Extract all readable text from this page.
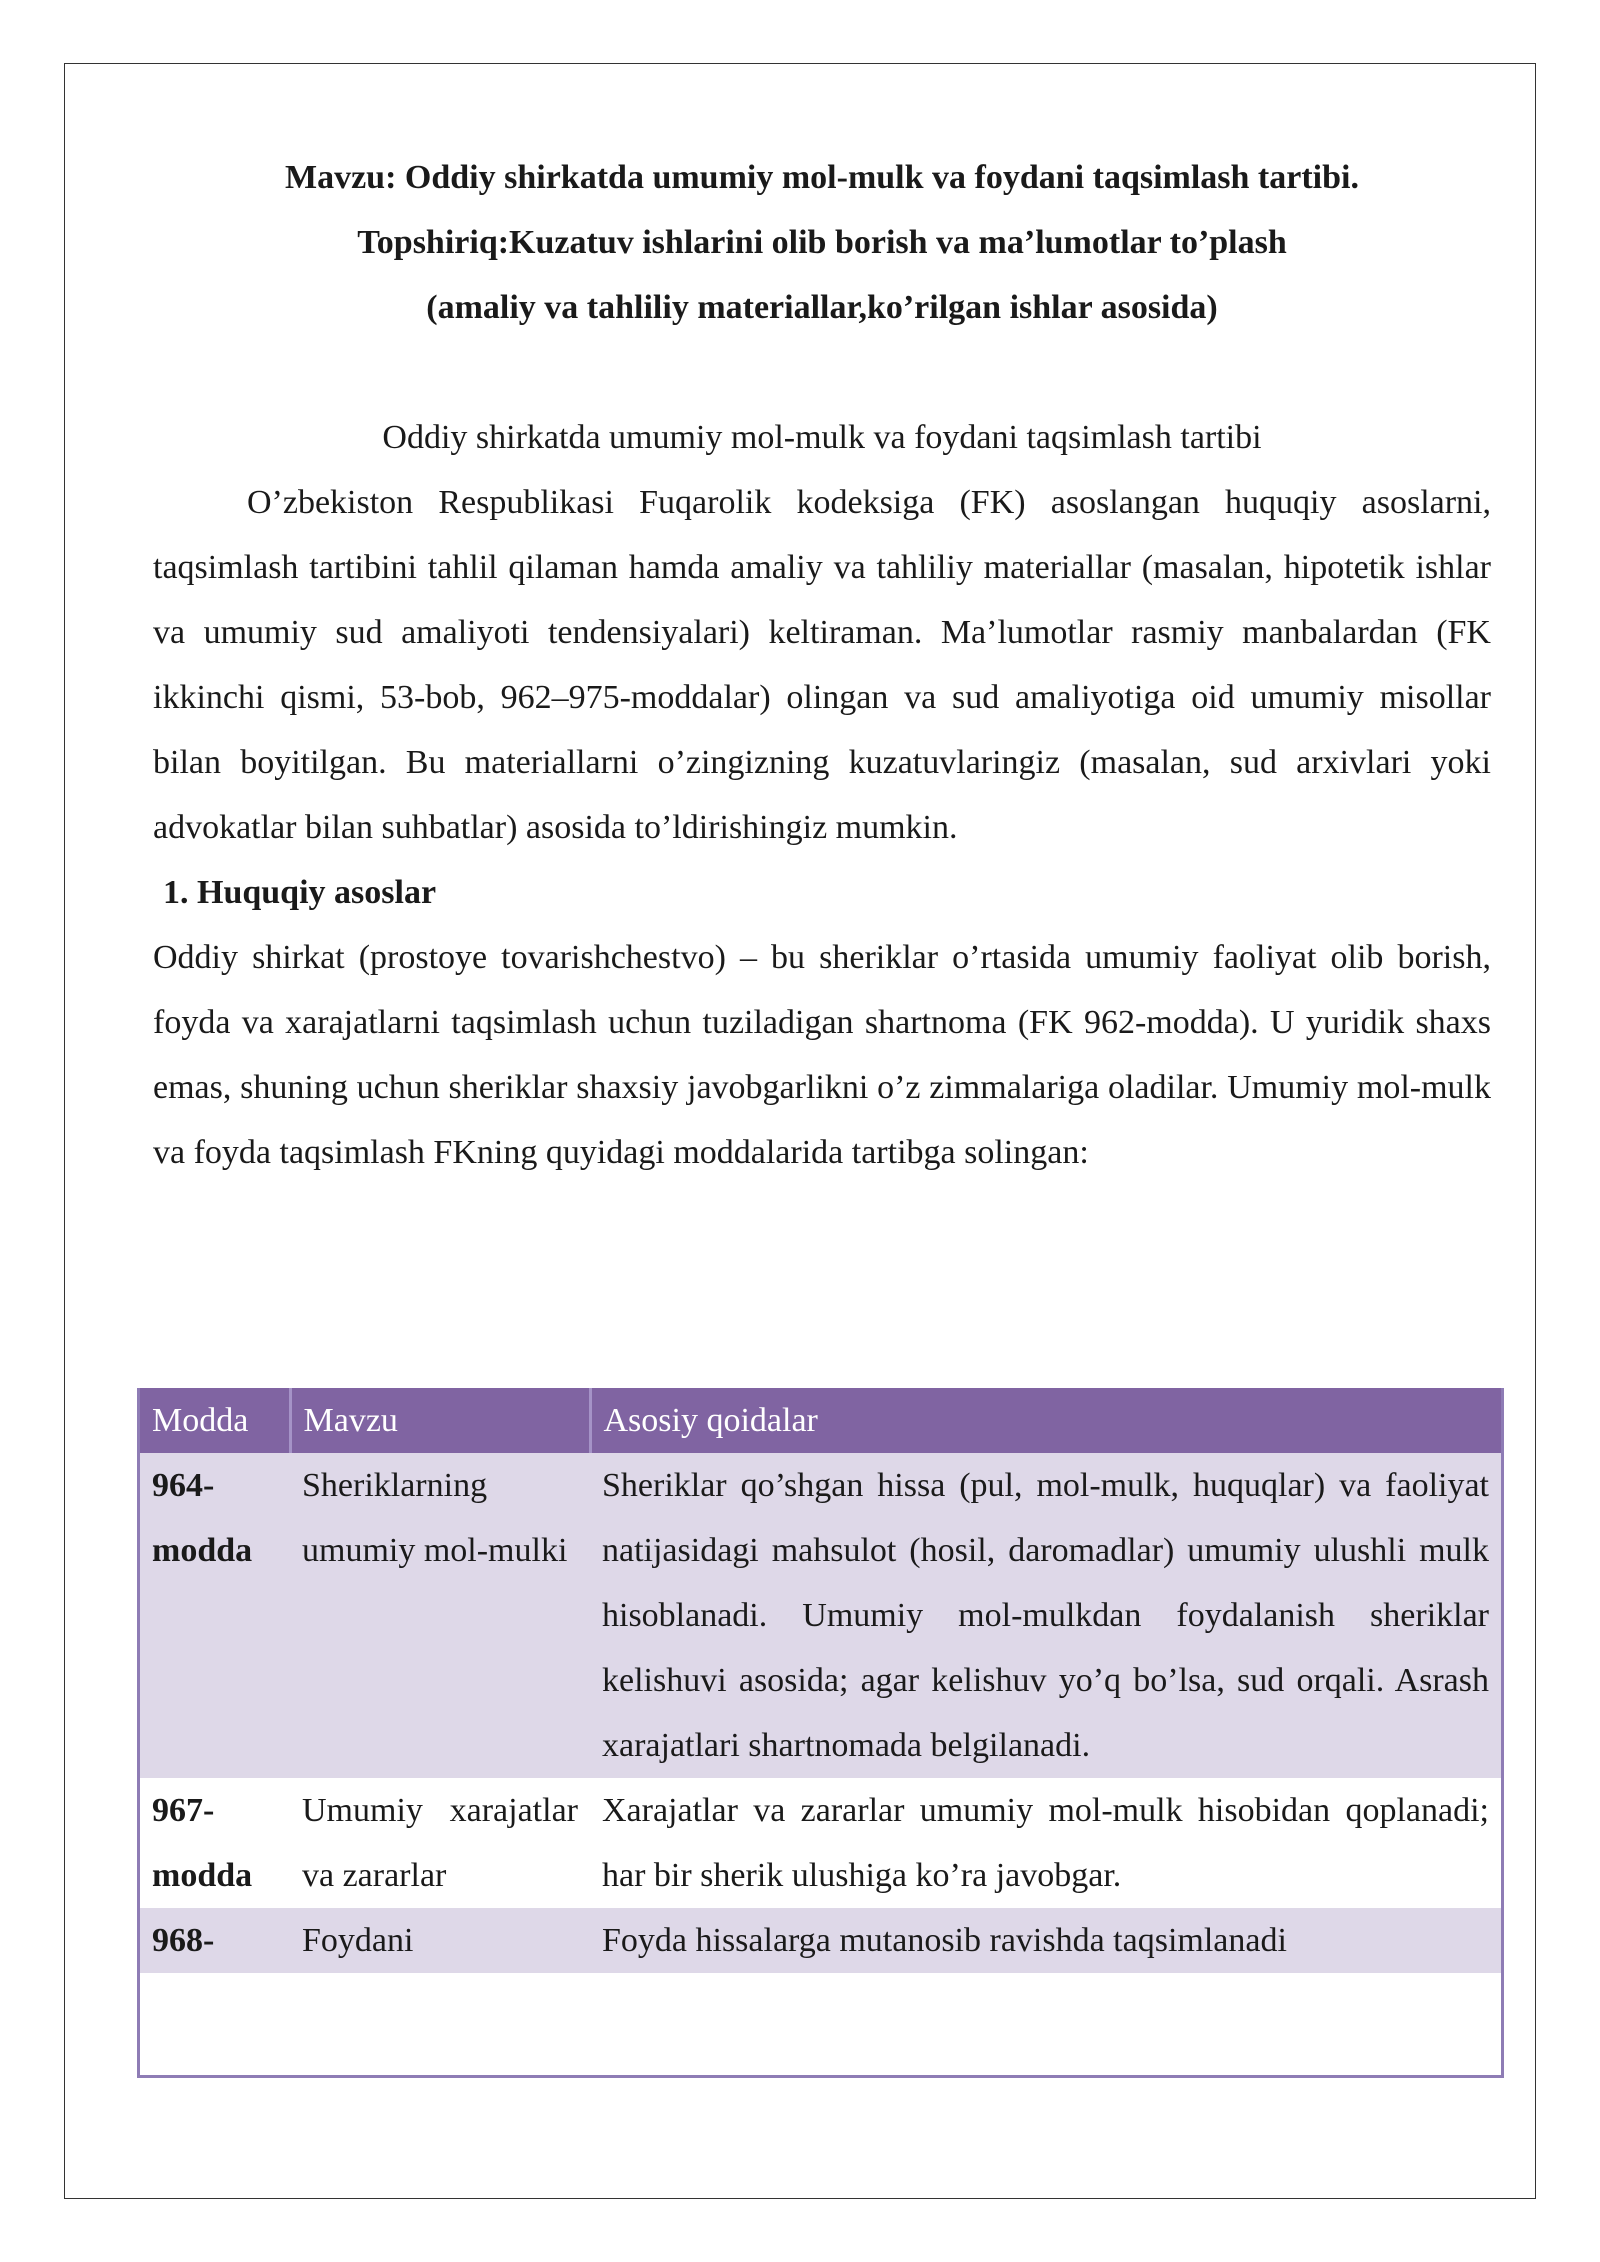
Mavzu: Oddiy shirkatda umumiy mol-mulk va foydani taqsimlash tartibi.

Topshiriq:Kuzatuv ishlarini olib borish va ma’lumotlar to’plash

(amaliy va tahliliy materiallar,ko’rilgan ishlar asosida)

Oddiy shirkatda umumiy mol-mulk va foydani taqsimlash tartibi

O’zbekiston Respublikasi Fuqarolik kodeksiga (FK) asoslangan huquqiy asoslarni, taqsimlash tartibini tahlil qilaman hamda amaliy va tahliliy materiallar (masalan, hipotetik ishlar va umumiy sud amaliyoti tendensiyalari) keltiraman. Ma’lumotlar rasmiy manbalardan (FK ikkinchi qismi, 53-bob, 962–975-moddalar) olingan va sud amaliyotiga oid umumiy misollar bilan boyitilgan. Bu materiallarni o’zingizning kuzatuvlaringiz (masalan, sud arxivlari yoki advokatlar bilan suhbatlar) asosida to’ldirishingiz mumkin.

1. Huquqiy asoslar

Oddiy shirkat (prostoye tovarishchestvo) – bu sheriklar o’rtasida umumiy faoliyat olib borish, foyda va xarajatlarni taqsimlash uchun tuziladigan shartnoma (FK 962-modda). U yuridik shaxs emas, shuning uchun sheriklar shaxsiy javobgarlikni o’z zimmalariga oladilar. Umumiy mol-mulk va foyda taqsimlash FKning quyidagi moddalarida tartibga solingan:

Modda	Mavzu	Asosiy qoidalar
964-modda	Sheriklarning umumiy mol-mulki	Sheriklar qo’shgan hissa (pul, mol-mulk, huquqlar) va faoliyat natijasidagi mahsulot (hosil, daromadlar) umumiy ulushli mulk hisoblanadi. Umumiy mol-mulkdan foydalanish sheriklar kelishuvi asosida; agar kelishuv yo’q bo’lsa, sud orqali. Asrash xarajatlari shartnomada belgilanadi.
967-modda	Umumiy xarajatlar va zararlar	Xarajatlar va zararlar umumiy mol-mulk hisobidan qoplanadi; har bir sherik ulushiga ko’ra javobgar.
968-	Foydani	Foyda hissalarga mutanosib ravishda taqsimlanadi
